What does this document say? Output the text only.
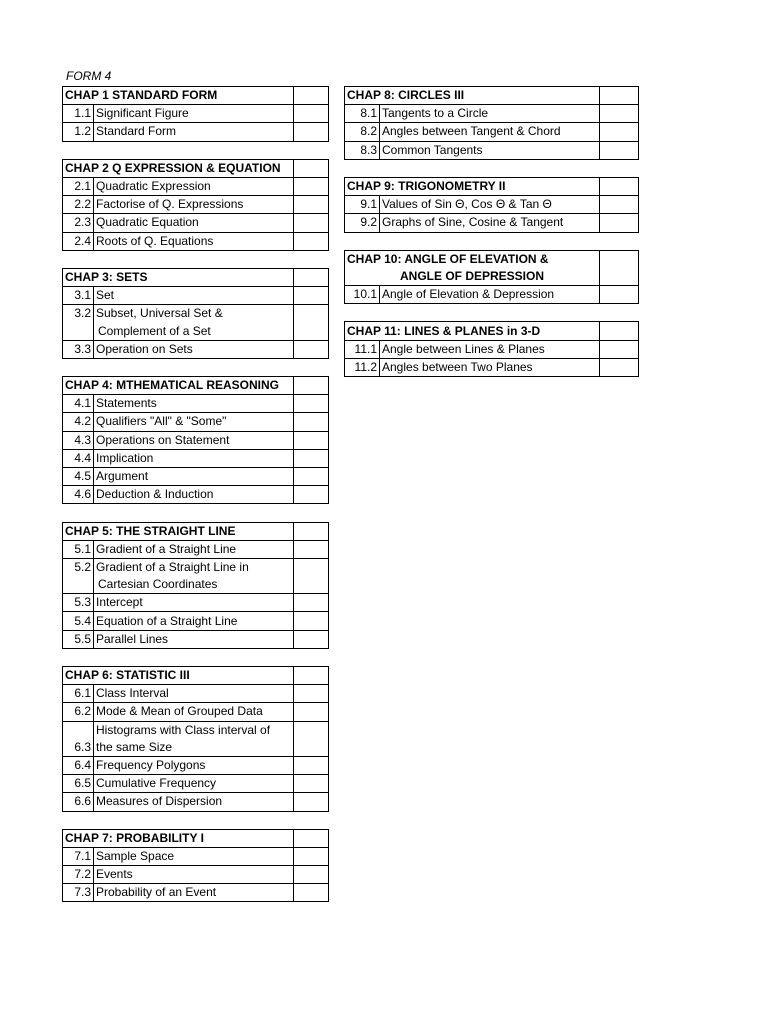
FORM 4
CHAP 1 STANDARD FORM		
1.1	Significant Figure	
1.2	Standard Form	

CHAP 2 Q EXPRESSION & EQUATION		
2.1	Quadratic Expression	
2.2	Factorise of Q. Expressions	
2.3	Quadratic Equation	
2.4	Roots of Q. Equations	

CHAP 3: SETS		
3.1	Set	
3.2	Subset, Universal Set &	
	Complement of a Set	
3.3	Operation on Sets	

CHAP 4: MTHEMATICAL REASONING		
4.1	Statements	
4.2	Qualifiers "All" & "Some"	
4.3	Operations on Statement	
4.4	Implication	
4.5	Argument	
4.6	Deduction & Induction	

CHAP 5: THE STRAIGHT LINE		
5.1	Gradient of a Straight Line	
5.2	Gradient of a Straight Line in	
	Cartesian Coordinates	
5.3	Intercept	
5.4	Equation of a Straight Line	
5.5	Parallel Lines	

CHAP 6: STATISTIC III		
6.1	Class Interval	
6.2	Mode & Mean of Grouped Data	
6.3	Histograms with Class interval of	
	the same Size	
6.4	Frequency Polygons	
6.5	Cumulative Frequency	
6.6	Measures of Dispersion	

CHAP 7: PROBABILITY I		
7.1	Sample Space	
7.2	Events	
7.3	Probability of an Event	
CHAP 8: CIRCLES III		
8.1	Tangents to a Circle	
8.2	Angles between Tangent & Chord	
8.3	Common Tangents	

CHAP 9: TRIGONOMETRY II		
9.1	Values of Sin Θ, Cos Θ & Tan Θ	
9.2	Graphs of Sine, Cosine & Tangent	

CHAP 10: ANGLE OF ELEVATION &		
ANGLE OF DEPRESSION		
10.1	Angle of Elevation & Depression	

CHAP 11: LINES & PLANES in 3-D		
11.1	Angle between Lines & Planes	
11.2	Angles between Two Planes	
